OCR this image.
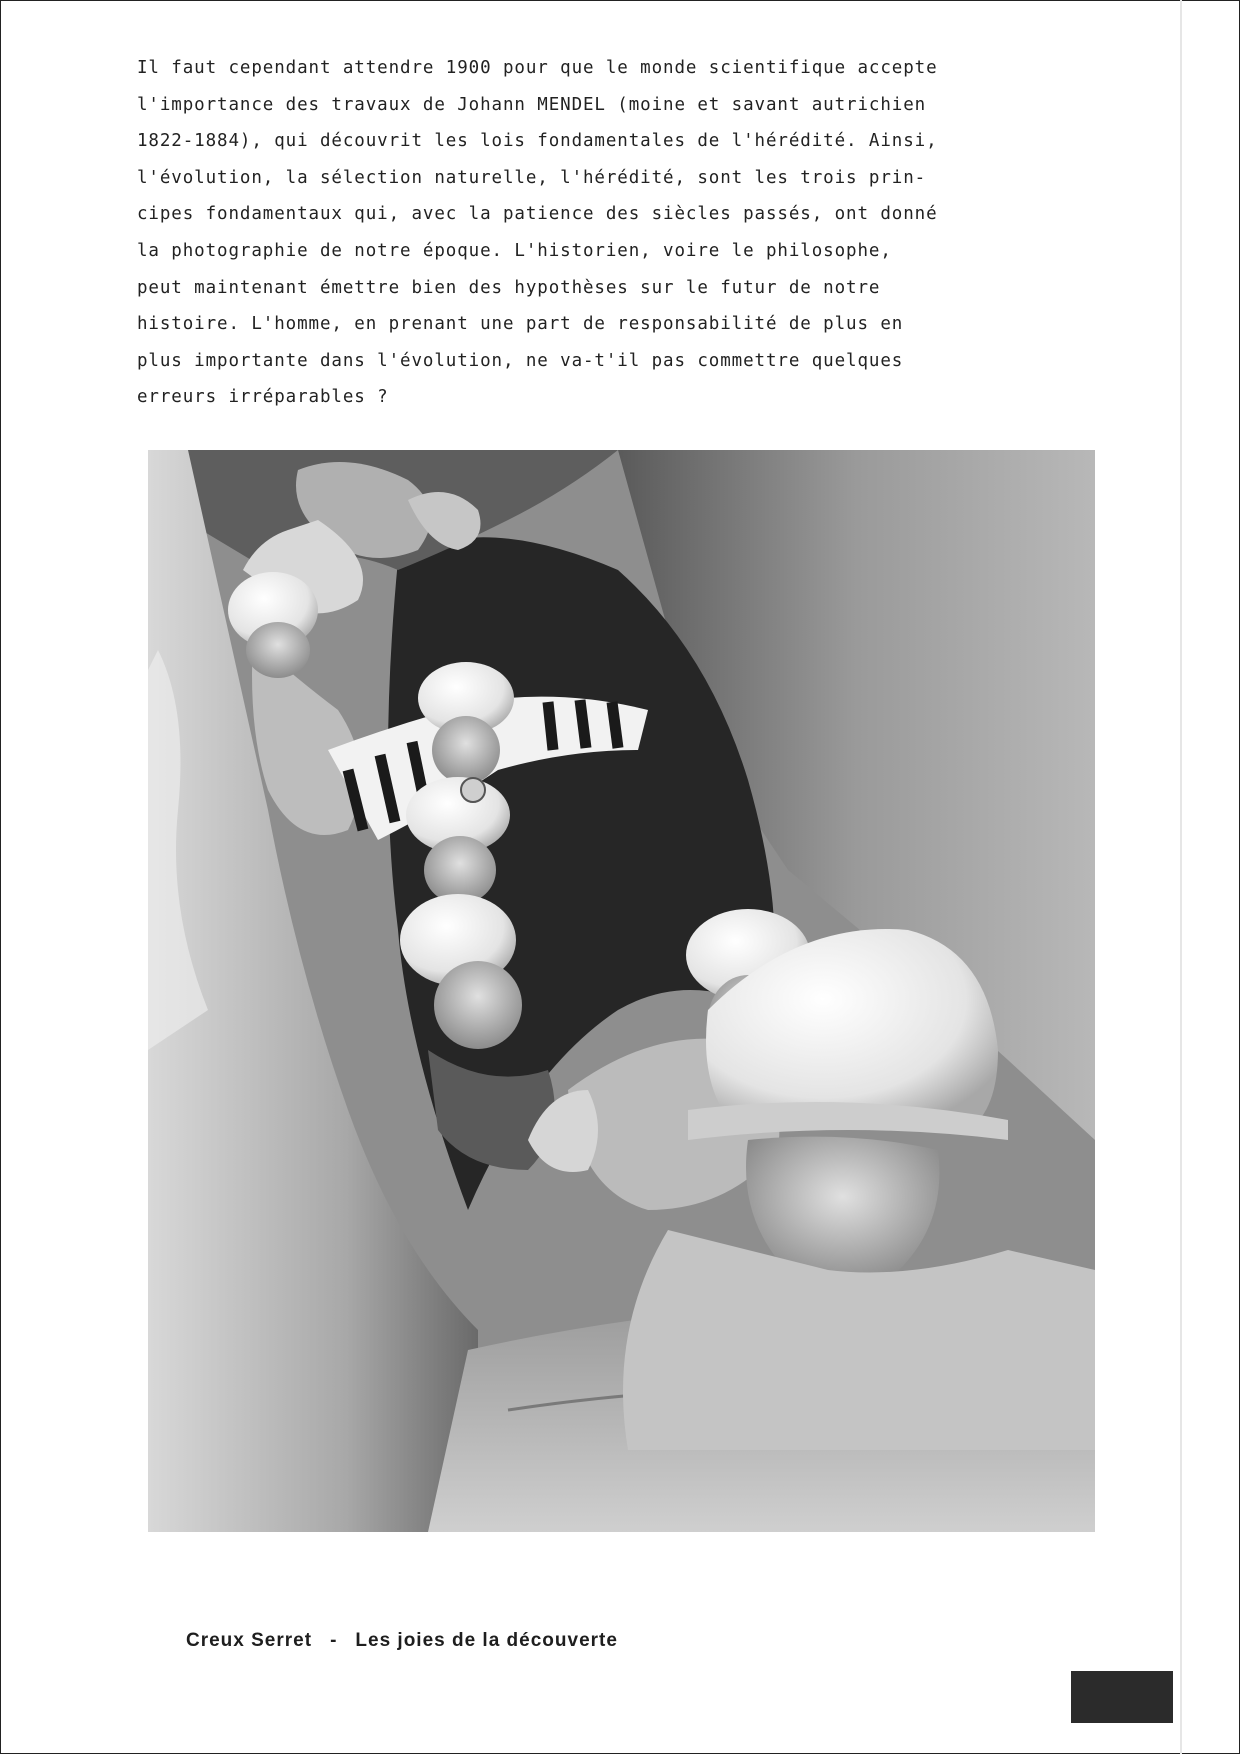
Il faut cependant attendre 1900 pour que le monde scientifique accepte
l'importance des travaux de Johann MENDEL (moine et savant autrichien
1822-1884), qui découvrit les lois fondamentales de l'hérédité. Ainsi,
l'évolution, la sélection naturelle, l'hérédité, sont les trois prin-
cipes fondamentaux qui, avec la patience des siècles passés, ont donné
la photographie de notre époque. L'historien, voire le philosophe,
peut maintenant émettre bien des hypothèses sur le futur de notre
histoire. L'homme, en prenant une part de responsabilité de plus en
plus importante dans l'évolution, ne va-t'il pas commettre quelques
erreurs irréparables ?
Creux Serret - Les joies de la découverte
